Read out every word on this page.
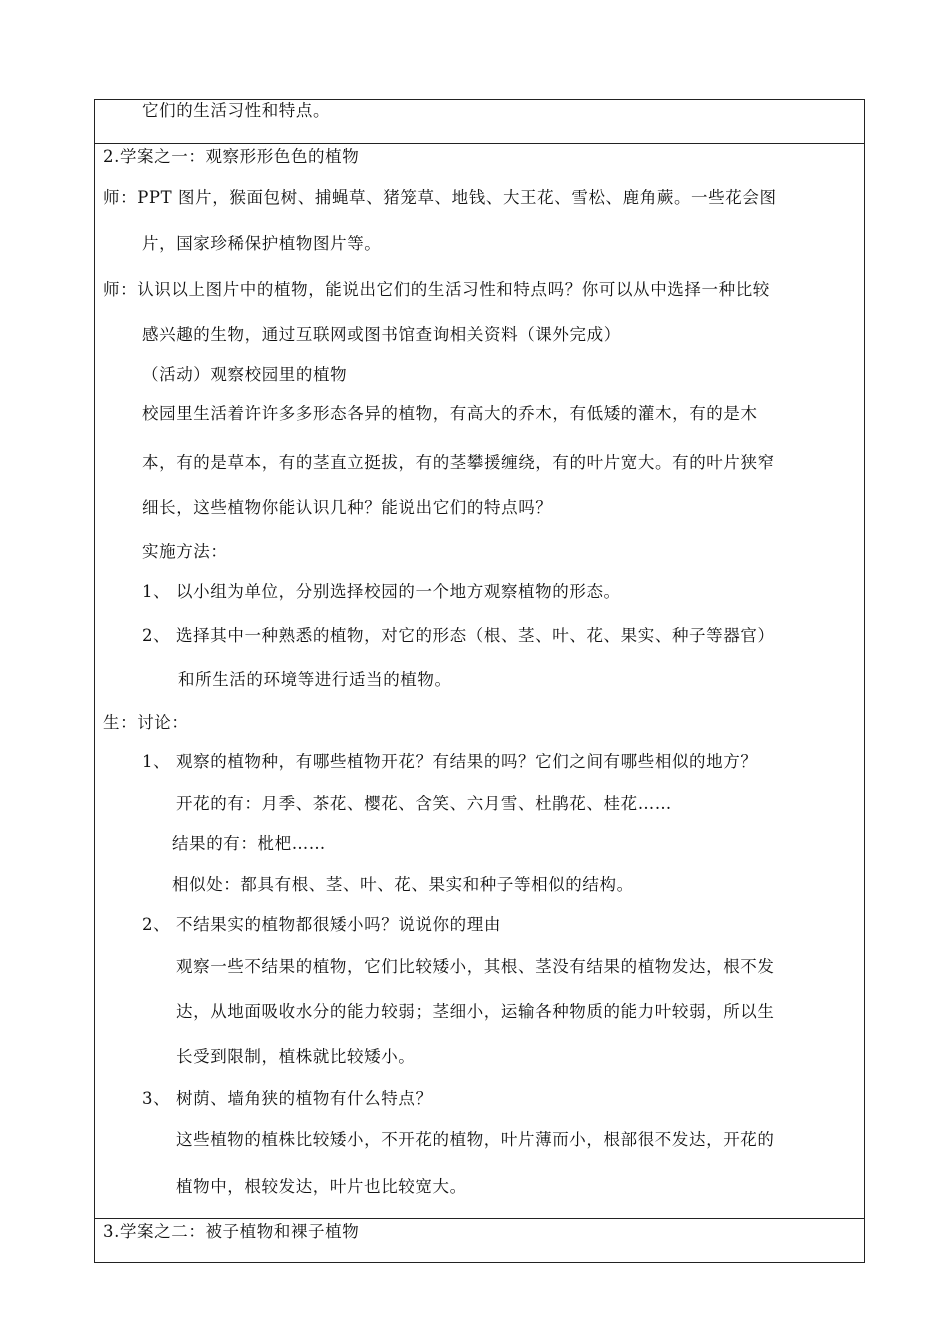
它们的生活习性和特点。
2.学案之一：观察形形色色的植物
师：PPT 图片，猴面包树、捕蝇草、猪笼草、地钱、大王花、雪松、鹿角蕨。一些花会图
片，国家珍稀保护植物图片等。
师：认识以上图片中的植物，能说出它们的生活习性和特点吗？你可以从中选择一种比较
感兴趣的生物，通过互联网或图书馆查询相关资料（课外完成）
（活动）观察校园里的植物
校园里生活着许许多多形态各异的植物，有高大的乔木，有低矮的灌木，有的是木
本，有的是草本，有的茎直立挺拔，有的茎攀援缠绕，有的叶片宽大。有的叶片狭窄
细长，这些植物你能认识几种？能说出它们的特点吗？
实施方法：
1、 以小组为单位，分别选择校园的一个地方观察植物的形态。
2、 选择其中一种熟悉的植物，对它的形态（根、茎、叶、花、果实、种子等器官）
和所生活的环境等进行适当的植物。
生：讨论：
1、 观察的植物种，有哪些植物开花？有结果的吗？它们之间有哪些相似的地方？
开花的有：月季、茶花、樱花、含笑、六月雪、杜鹃花、桂花……
结果的有：枇杷……
相似处：都具有根、茎、叶、花、果实和种子等相似的结构。
2、 不结果实的植物都很矮小吗？说说你的理由
观察一些不结果的植物，它们比较矮小，其根、茎没有结果的植物发达，根不发
达，从地面吸收水分的能力较弱；茎细小，运输各种物质的能力叶较弱，所以生
长受到限制，植株就比较矮小。
3、 树荫、墙角狭的植物有什么特点？
这些植物的植株比较矮小，不开花的植物，叶片薄而小，根部很不发达，开花的
植物中，根较发达，叶片也比较宽大。
3.学案之二：被子植物和裸子植物
